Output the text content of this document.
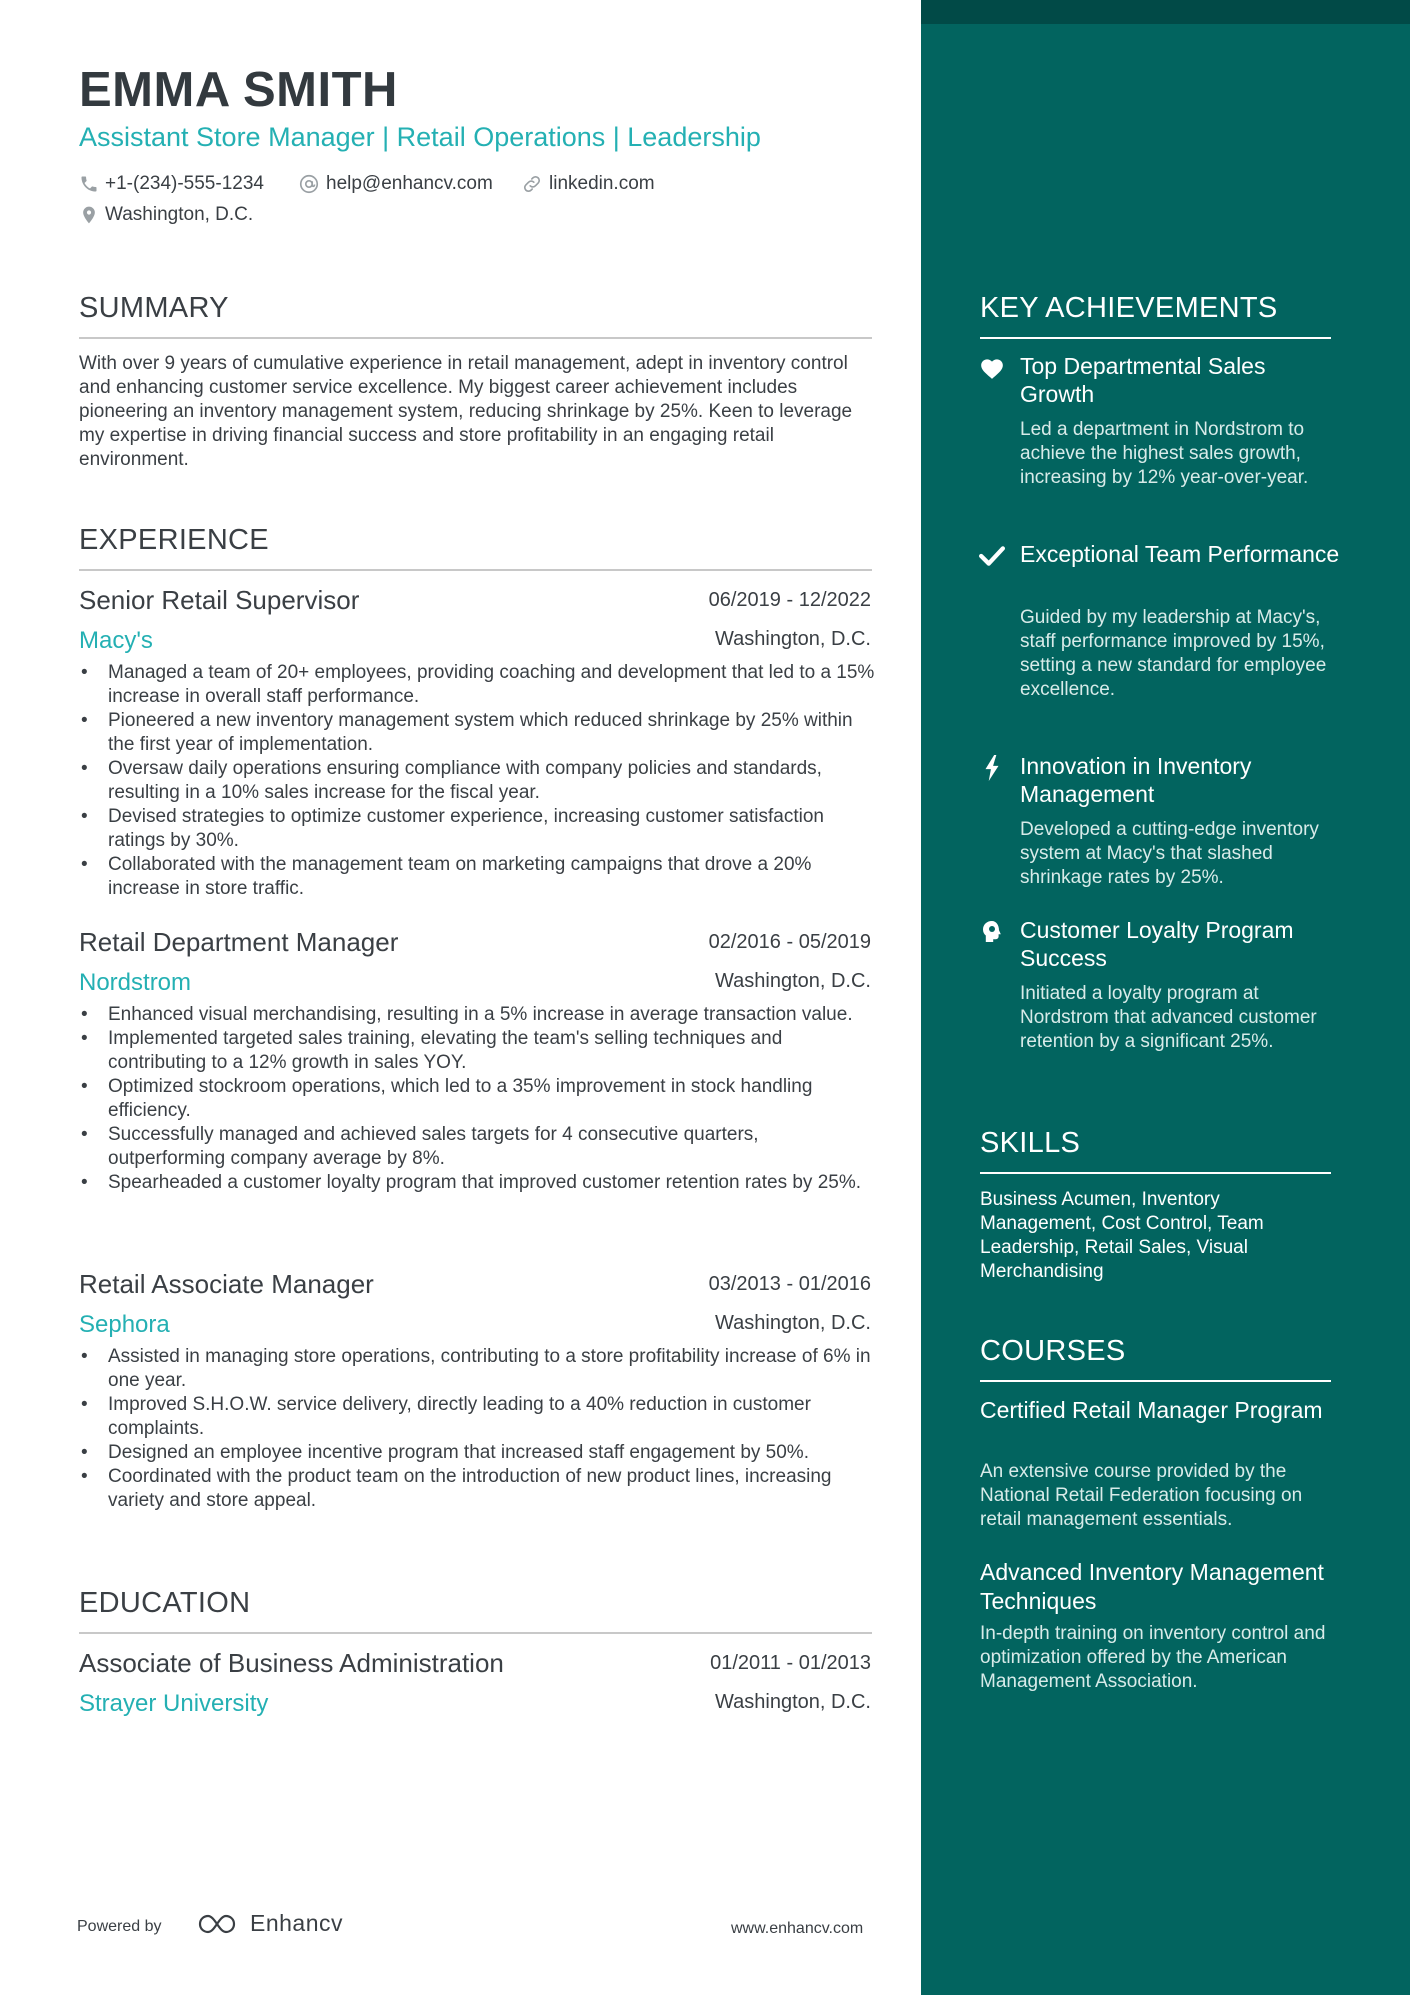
EMMA SMITH
Assistant Store Manager | Retail Operations | Leadership
+1-(234)-555-1234	help@enhancv.com	linkedin.com
Washington, D.C.
SUMMARY
With over 9 years of cumulative experience in retail management, adept in inventory control and enhancing customer service excellence. My biggest career achievement includes pioneering an inventory management system, reducing shrinkage by 25%. Keen to leverage my expertise in driving financial success and store profitability in an engaging retail environment.
EXPERIENCE
Senior Retail Supervisor	06/2019 - 12/2022
Macy's	Washington, D.C.
• Managed a team of 20+ employees, providing coaching and development that led to a 15% increase in overall staff performance.
• Pioneered a new inventory management system which reduced shrinkage by 25% within the first year of implementation.
• Oversaw daily operations ensuring compliance with company policies and standards, resulting in a 10% sales increase for the fiscal year.
• Devised strategies to optimize customer experience, increasing customer satisfaction ratings by 30%.
• Collaborated with the management team on marketing campaigns that drove a 20% increase in store traffic.
Retail Department Manager	02/2016 - 05/2019
Nordstrom	Washington, D.C.
• Enhanced visual merchandising, resulting in a 5% increase in average transaction value.
• Implemented targeted sales training, elevating the team's selling techniques and contributing to a 12% growth in sales YOY.
• Optimized stockroom operations, which led to a 35% improvement in stock handling efficiency.
• Successfully managed and achieved sales targets for 4 consecutive quarters, outperforming company average by 8%.
• Spearheaded a customer loyalty program that improved customer retention rates by 25%.
Retail Associate Manager	03/2013 - 01/2016
Sephora	Washington, D.C.
• Assisted in managing store operations, contributing to a store profitability increase of 6% in one year.
• Improved S.H.O.W. service delivery, directly leading to a 40% reduction in customer complaints.
• Designed an employee incentive program that increased staff engagement by 50%.
• Coordinated with the product team on the introduction of new product lines, increasing variety and store appeal.
EDUCATION
Associate of Business Administration	01/2011 - 01/2013
Strayer University	Washington, D.C.
Powered by	Enhancv	www.enhancv.com
KEY ACHIEVEMENTS
Top Departmental Sales Growth
Led a department in Nordstrom to achieve the highest sales growth, increasing by 12% year-over-year.
Exceptional Team Performance
Guided by my leadership at Macy's, staff performance improved by 15%, setting a new standard for employee excellence.
Innovation in Inventory Management
Developed a cutting-edge inventory system at Macy's that slashed shrinkage rates by 25%.
Customer Loyalty Program Success
Initiated a loyalty program at Nordstrom that advanced customer retention by a significant 25%.
SKILLS
Business Acumen, Inventory Management, Cost Control, Team Leadership, Retail Sales, Visual Merchandising
COURSES
Certified Retail Manager Program
An extensive course provided by the National Retail Federation focusing on retail management essentials.
Advanced Inventory Management Techniques
In-depth training on inventory control and optimization offered by the American Management Association.
